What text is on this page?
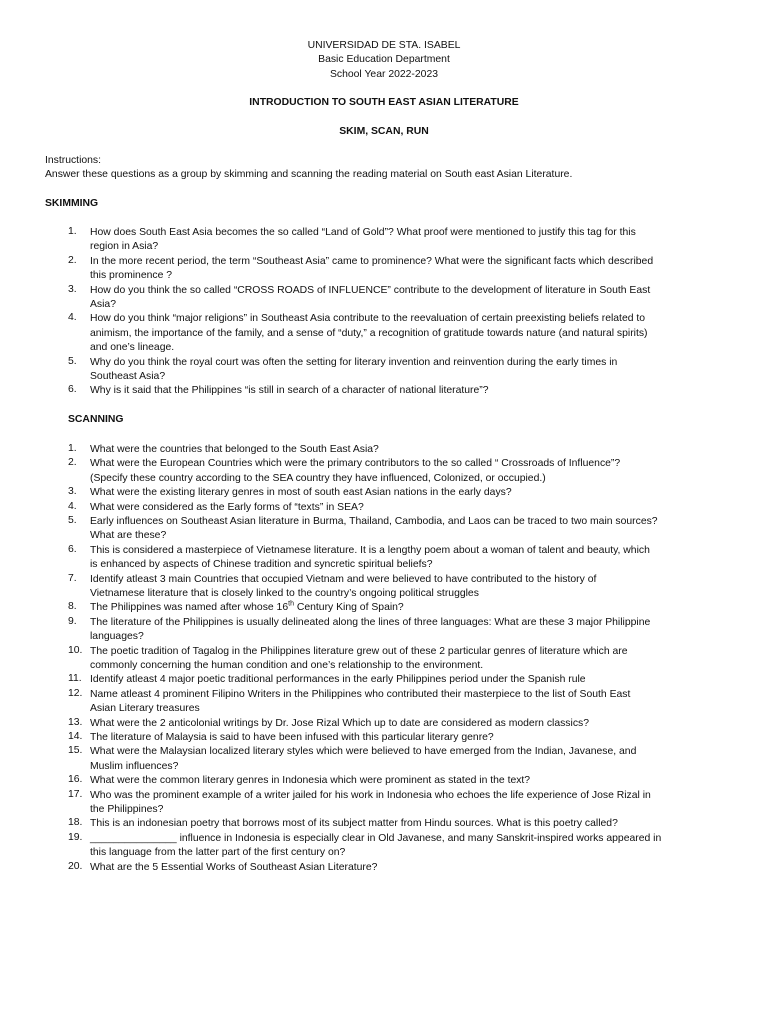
UNIVERSIDAD DE STA. ISABEL
Basic Education Department
School Year 2022-2023
INTRODUCTION TO SOUTH EAST ASIAN LITERATURE
SKIM, SCAN, RUN
Instructions:
Answer these questions as a group by skimming and scanning the reading material on South east Asian Literature.
SKIMMING
1.	How does South East Asia becomes the so called “Land of Gold”? What proof were mentioned to justify this tag for this
region in Asia?
2.	In the more recent period, the term “Southeast Asia” came to prominence? What were the significant facts which described
this prominence ?
3.	How do you think the so called “CROSS ROADS of INFLUENCE” contribute to the development of literature in South East
Asia?
4.	How do you think “major religions” in Southeast Asia contribute to the reevaluation of certain preexisting beliefs related to
animism, the importance of the family, and a sense of “duty,” a recognition of gratitude towards nature (and natural spirits)
and one’s lineage.
5.	Why do you think the royal court was often the setting for literary invention and reinvention during the early times in
Southeast Asia?
6.	Why is it said that the Philippines “is still in search of a character of national literature”?
SCANNING
1.	What were the countries that belonged to the South East Asia?
2.	What were the European Countries which were the primary contributors to the so called “ Crossroads of Influence”?
(Specify these country according to the SEA country they have influenced, Colonized, or occupied.)
3.	What were the existing literary genres in most of south east Asian nations in the early days?
4.	What were considered as the Early forms of “texts” in SEA?
5.	Early influences on Southeast Asian literature in Burma, Thailand, Cambodia, and Laos can be traced to two main sources?
What are these?
6.	This is considered a masterpiece of Vietnamese literature. It is a lengthy poem about a woman of talent and beauty, which
is enhanced by aspects of Chinese tradition and syncretic spiritual beliefs?
7.	Identify atleast 3 main Countries that occupied Vietnam and were believed to have contributed to the history of
Vietnamese literature that is closely linked to the country’s ongoing political struggles
8.	The Philippines was named after whose 16th Century King of Spain?
9.	The literature of the Philippines is usually delineated along the lines of three languages: What are these 3 major Philippine
languages?
10. The poetic tradition of Tagalog in the Philippines literature grew out of these 2 particular genres of literature which are
commonly concerning the human condition and one’s relationship to the environment.
11. Identify atleast 4 major poetic traditional performances in the early Philippines period under the Spanish rule
12. Name atleast 4 prominent Filipino Writers in the Philippines who contributed their masterpiece to the list of South East
Asian Literary treasures
13. What were the 2 anticolonial writings by Dr. Jose Rizal Which up to date are considered as modern classics?
14. The literature of Malaysia is said to have been infused with this particular literary genre?
15. What were the Malaysian localized literary styles which were believed to have emerged from the Indian, Javanese, and
Muslim influences?
16. What were the common literary genres in Indonesia which were prominent as stated in the text?
17. Who was the prominent example of a writer jailed for his work in Indonesia who echoes the life experience of Jose Rizal in
the Philippines?
18. This is an indonesian poetry that borrows most of its subject matter from Hindu sources. What is this poetry called?
19. _______________ influence in Indonesia is especially clear in Old Javanese, and many Sanskrit-inspired works appeared in
this language from the latter part of the first century on?
20. What are the 5 Essential Works of Southeast Asian Literature?
